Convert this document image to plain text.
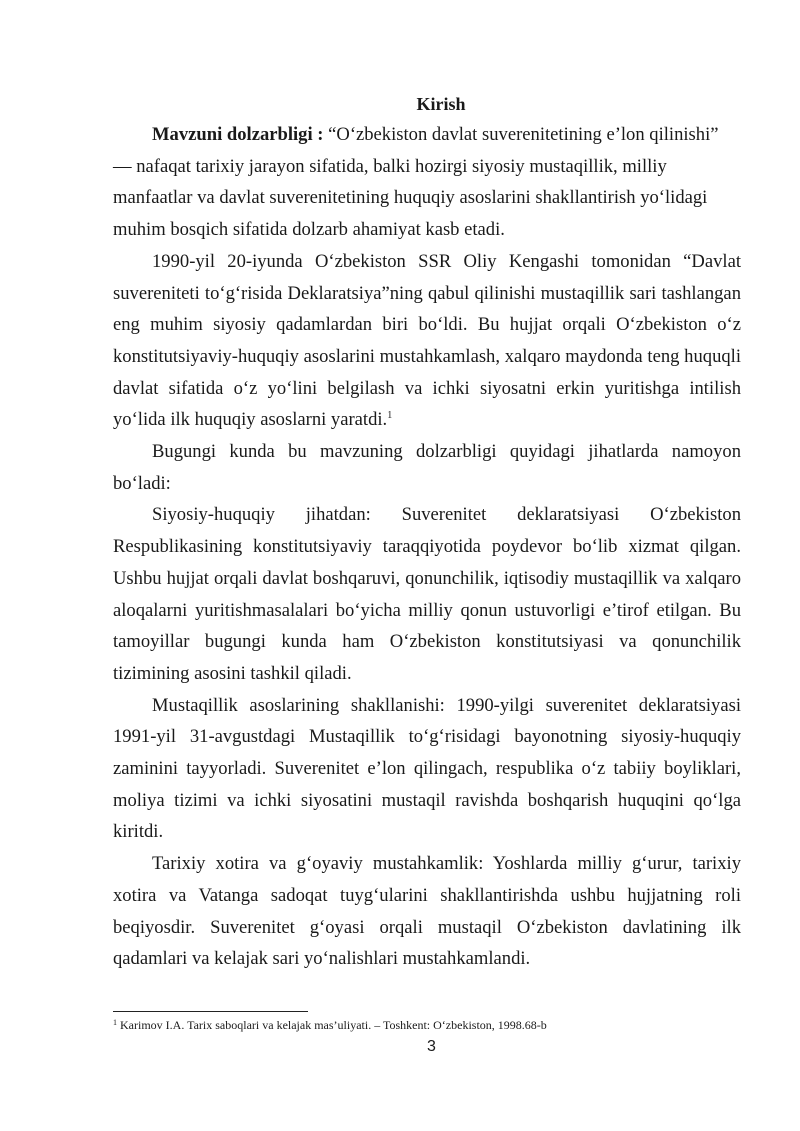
Kirish

Mavzuni dolzarbligi : “O‘zbekiston davlat suverenitetining e’lon qilinishi” — nafaqat tarixiy jarayon sifatida, balki hozirgi siyosiy mustaqillik, milliy manfaatlar va davlat suverenitetining huquqiy asoslarini shakllantirish yo‘lidagi muhim bosqich sifatida dolzarb ahamiyat kasb etadi.

1990-yil 20-iyunda O‘zbekiston SSR Oliy Kengashi tomonidan “Davlat suvereniteti to‘g‘risida Deklaratsiya”ning qabul qilinishi mustaqillik sari tashlangan eng muhim siyosiy qadamlardan biri bo‘ldi. Bu hujjat orqali O‘zbekiston o‘z konstitutsiyaviy-huquqiy asoslarini mustahkamlash, xalqaro maydonda teng huquqli davlat sifatida o‘z yo‘lini belgilash va ichki siyosatni erkin yuritishga intilish yo‘lida ilk huquqiy asoslarni yaratdi.$^1$

Bugungi kunda bu mavzuning dolzarbligi quyidagi jihatlarda namoyon bo‘ladi:

Siyosiy-huquqiy jihatdan: Suverenitet deklaratsiyasi O‘zbekiston Respublikasining konstitutsiyaviy taraqqiyotida poydevor bo‘lib xizmat qilgan. Ushbu hujjat orqali davlat boshqaruvi, qonunchilik, iqtisodiy mustaqillik va xalqaro aloqalarni yuritishmasalalari bo‘yicha milliy qonun ustuvorligi e’tirof etilgan. Bu tamoyillar bugungi kunda ham O‘zbekiston konstitutsiyasi va qonunchilik tizimining asosini tashkil qiladi.

Mustaqillik asoslarining shakllanishi: 1990-yilgi suverenitet deklaratsiyasi 1991-yil 31-avgustdagi Mustaqillik to‘g‘risidagi bayonotning siyosiy-huquqiy zaminini tayyorladi. Suverenitet e’lon qilingach, respublika o‘z tabiiy boyliklari, moliya tizimi va ichki siyosatini mustaqil ravishda boshqarish huquqini qo‘lga kiritdi.

Tarixiy xotira va g‘oyaviy mustahkamlik: Yoshlarda milliy g‘urur, tarixiy xotira va Vatanga sadoqat tuyg‘ularini shakllantirishda ushbu hujjatning roli beqiyosdir. Suverenitet g‘oyasi orqali mustaqil O‘zbekiston davlatining ilk qadamlari va kelajak sari yo‘nalishlari mustahkamlandi.

$^1$ Karimov I.A. Tarix saboqlari va kelajak mas’uliyati. – Toshkent: O‘zbekiston, 1998.68-b
3
